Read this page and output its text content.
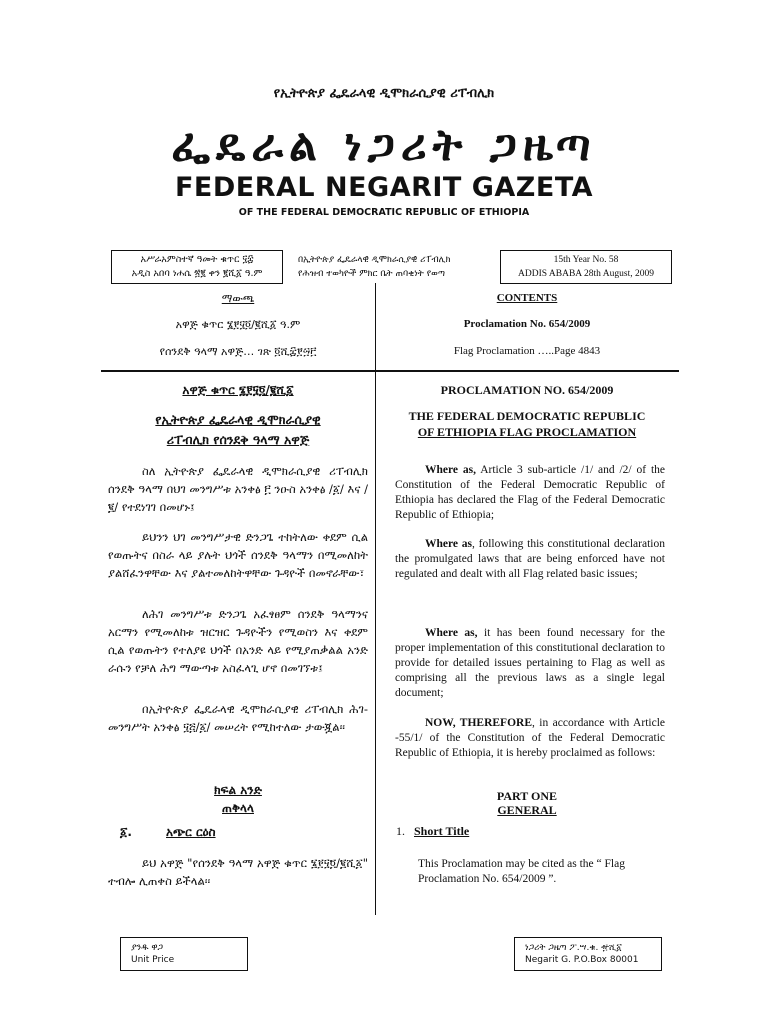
የኢትዮጵያ ፌዴራላዊ ዲሞክራሲያዊ ሪፐብሊክ
ፌዴራል ነጋሪት ጋዜጣ
FEDERAL NEGARIT GAZETA
OF THE FEDERAL DEMOCRATIC REPUBLIC OF ETHIOPIA
አሥራአምስተኛ ዓመት ቁጥር ፶፰
አዲስ አበባ ነሐሴ ፳፪ ቀን ፪ሺ፩ ዓ.ም
በኢትዮጵያ ፌዴራላዊ ዲሞክራሲያዊ ሪፐብሊክ
የሕዝብ ተወካዮች ምክር ቤት ጠባቂነት የወጣ
15th Year No. 58
ADDIS ABABA 28th August, 2009
ማውጫ
አዋጅ ቁጥር ፮፻፶፬/፪ሺ፩ ዓ.ም
የሰንደቅ ዓላማ አዋጅ… ገጽ ፬ሺ፰፻፵፫
CONTENTS
Proclamation No. 654/2009
Flag Proclamation …..Page 4843
አዋጅ ቁጥር ፮፻፶፬/፪ሺ፩
የኢትዮጵያ ፌዴራላዊ ዲሞክራሲያዊ
ሪፐብሊክ የሰንደቅ ዓላማ አዋጅ
ስለ ኢትዮጵያ ፌዴራላዊ ዲሞክራሲያዊ ሪፐብሊክ ሰንደቅ ዓላማ በህገ መንግሥቱ አንቀፅ ፫ ንዑስ አንቀፅ /፩/ እና /፪/ የተደነገገ በመሆኑ፤
ይህንን ህገ መንግሥታዊ ድንጋጌ ተከትለው ቀደም ሲል የወጡትና በስራ ላይ ያሉት ህጎች ሰንደቅ ዓላማን በሚመለከት ያልሸፈንዋቸው እና ያልተመለከትዋቸው ጉዳዮች በመኖራቸው፣
ለሕገ መንግሥቱ ድንጋጌ አፈፃፀም ሰንደቅ ዓላማንና አርማን የሚመለከቱ ዝርዝር ጉዳዮችን የሚወስን እና ቀደም ሲል የወጡትን የተለያዩ ህጎች በአንድ ላይ የሚያጠቃልል አንድ ራሱን የቻለ ሕግ ማውጣቱ አስፈላጊ ሆኖ በመገኘቱ፤
በኢትዮጵያ ፌዴራላዊ ዲሞክራሲያዊ ሪፐብሊክ ሕገ-መንግሥት አንቀፅ ፶፭/፩/ መሠረት የሚከተለው ታውጇል፡፡
ክፍል አንድ
ጠቅላላ
፩.	አጭር ርዕስ
ይህ አዋጅ "የሰንደቅ ዓላማ አዋጅ ቁጥር ፮፻፶፬/፪ሺ፩" ተብሎ ሊጠቀስ ይችላል፡፡
PROCLAMATION NO. 654/2009
THE FEDERAL DEMOCRATIC REPUBLIC
OF ETHIOPIA FLAG PROCLAMATION
Where as, Article 3 sub-article /1/ and /2/ of the Constitution of the Federal Democratic Republic of Ethiopia has declared the Flag of the Federal Democratic Republic of Ethiopia;
Where as, following this constitutional declaration the promulgated laws that are being enforced have not regulated and dealt with all Flag related basic issues;
Where as, it has been found necessary for the proper implementation of this constitutional declaration to provide for detailed issues pertaining to Flag as well as comprising all the previous laws as a single legal document;
NOW, THEREFORE, in accordance with Article -55/1/ of the Constitution of the Federal Democratic Republic of Ethiopia, it is hereby proclaimed as follows:
PART ONE
GENERAL
1. Short Title
This Proclamation may be cited as the “ Flag Proclamation No. 654/2009 ”.
ያንዱ ዋጋ
Unit Price
ነጋሪት ጋዜጣ ፖ.ሣ.ቁ. ፹ሺ፩
Negarit G. P.O.Box 80001
